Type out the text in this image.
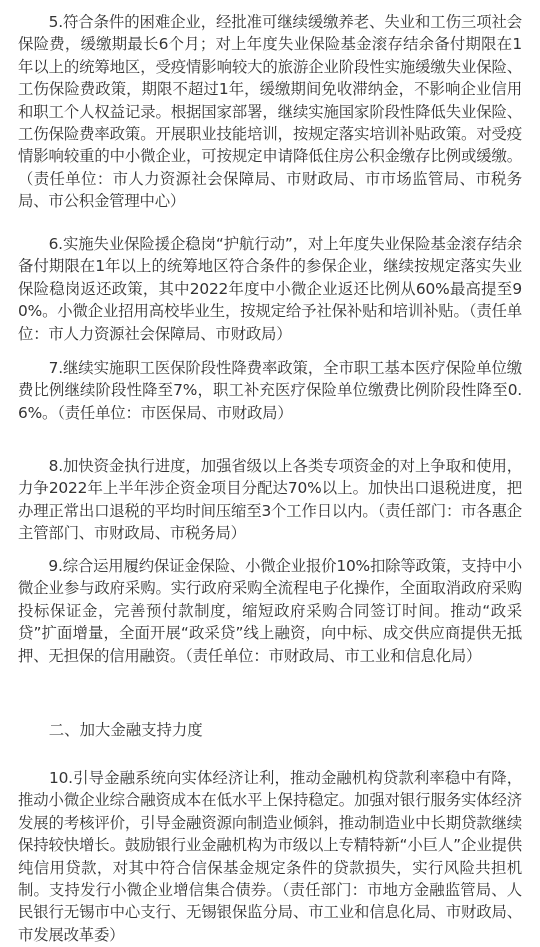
　　5.符合条件的困难企业，经批准可继续缓缴养老、失业和工伤三项社会保险费，缓缴期最长6个月；对上年度失业保险基金滚存结余备付期限在1年以上的统筹地区，受疫情影响较大的旅游企业阶段性实施缓缴失业保险、工伤保险费政策，期限不超过1年，缓缴期间免收滞纳金，不影响企业信用和职工个人权益记录。根据国家部署，继续实施国家阶段性降低失业保险、工伤保险费率政策。开展职业技能培训，按规定落实培训补贴政策。对受疫情影响较重的中小微企业，可按规定申请降低住房公积金缴存比例或缓缴。（责任单位：市人力资源社会保障局、市财政局、市市场监管局、市税务局、市公积金管理中心）
　　6.实施失业保险援企稳岗“护航行动”，对上年度失业保险基金滚存结余备付期限在1年以上的统筹地区符合条件的参保企业，继续按规定落实失业保险稳岗返还政策，其中2022年度中小微企业返还比例从60%最高提至90%。小微企业招用高校毕业生，按规定给予社保补贴和培训补贴。（责任单位：市人力资源社会保障局、市财政局）
　　7.继续实施职工医保阶段性降费率政策，全市职工基本医疗保险单位缴费比例继续阶段性降至7%，职工补充医疗保险单位缴费比例阶段性降至0.6%。（责任单位：市医保局、市财政局）
　　8.加快资金执行进度，加强省级以上各类专项资金的对上争取和使用，力争2022年上半年涉企资金项目分配达70%以上。加快出口退税进度，把办理正常出口退税的平均时间压缩至3个工作日以内。（责任部门：市各惠企主管部门、市财政局、市税务局）
　　9.综合运用履约保证金保险、小微企业报价10%扣除等政策，支持中小微企业参与政府采购。实行政府采购全流程电子化操作，全面取消政府采购投标保证金，完善预付款制度，缩短政府采购合同签订时间。推动“政采贷”扩面增量，全面开展“政采贷”线上融资，向中标、成交供应商提供无抵押、无担保的信用融资。（责任单位：市财政局、市工业和信息化局）
　　二、加大金融支持力度
　　10.引导金融系统向实体经济让利，推动金融机构贷款利率稳中有降，推动小微企业综合融资成本在低水平上保持稳定。加强对银行服务实体经济发展的考核评价，引导金融资源向制造业倾斜，推动制造业中长期贷款继续保持较快增长。鼓励银行业金融机构为市级以上专精特新“小巨人”企业提供纯信用贷款，对其中符合信保基金规定条件的贷款损失，实行风险共担机制。支持发行小微企业增信集合债券。（责任部门：市地方金融监管局、人民银行无锡市中心支行、无锡银保监分局、市工业和信息化局、市财政局、市发展改革委）
